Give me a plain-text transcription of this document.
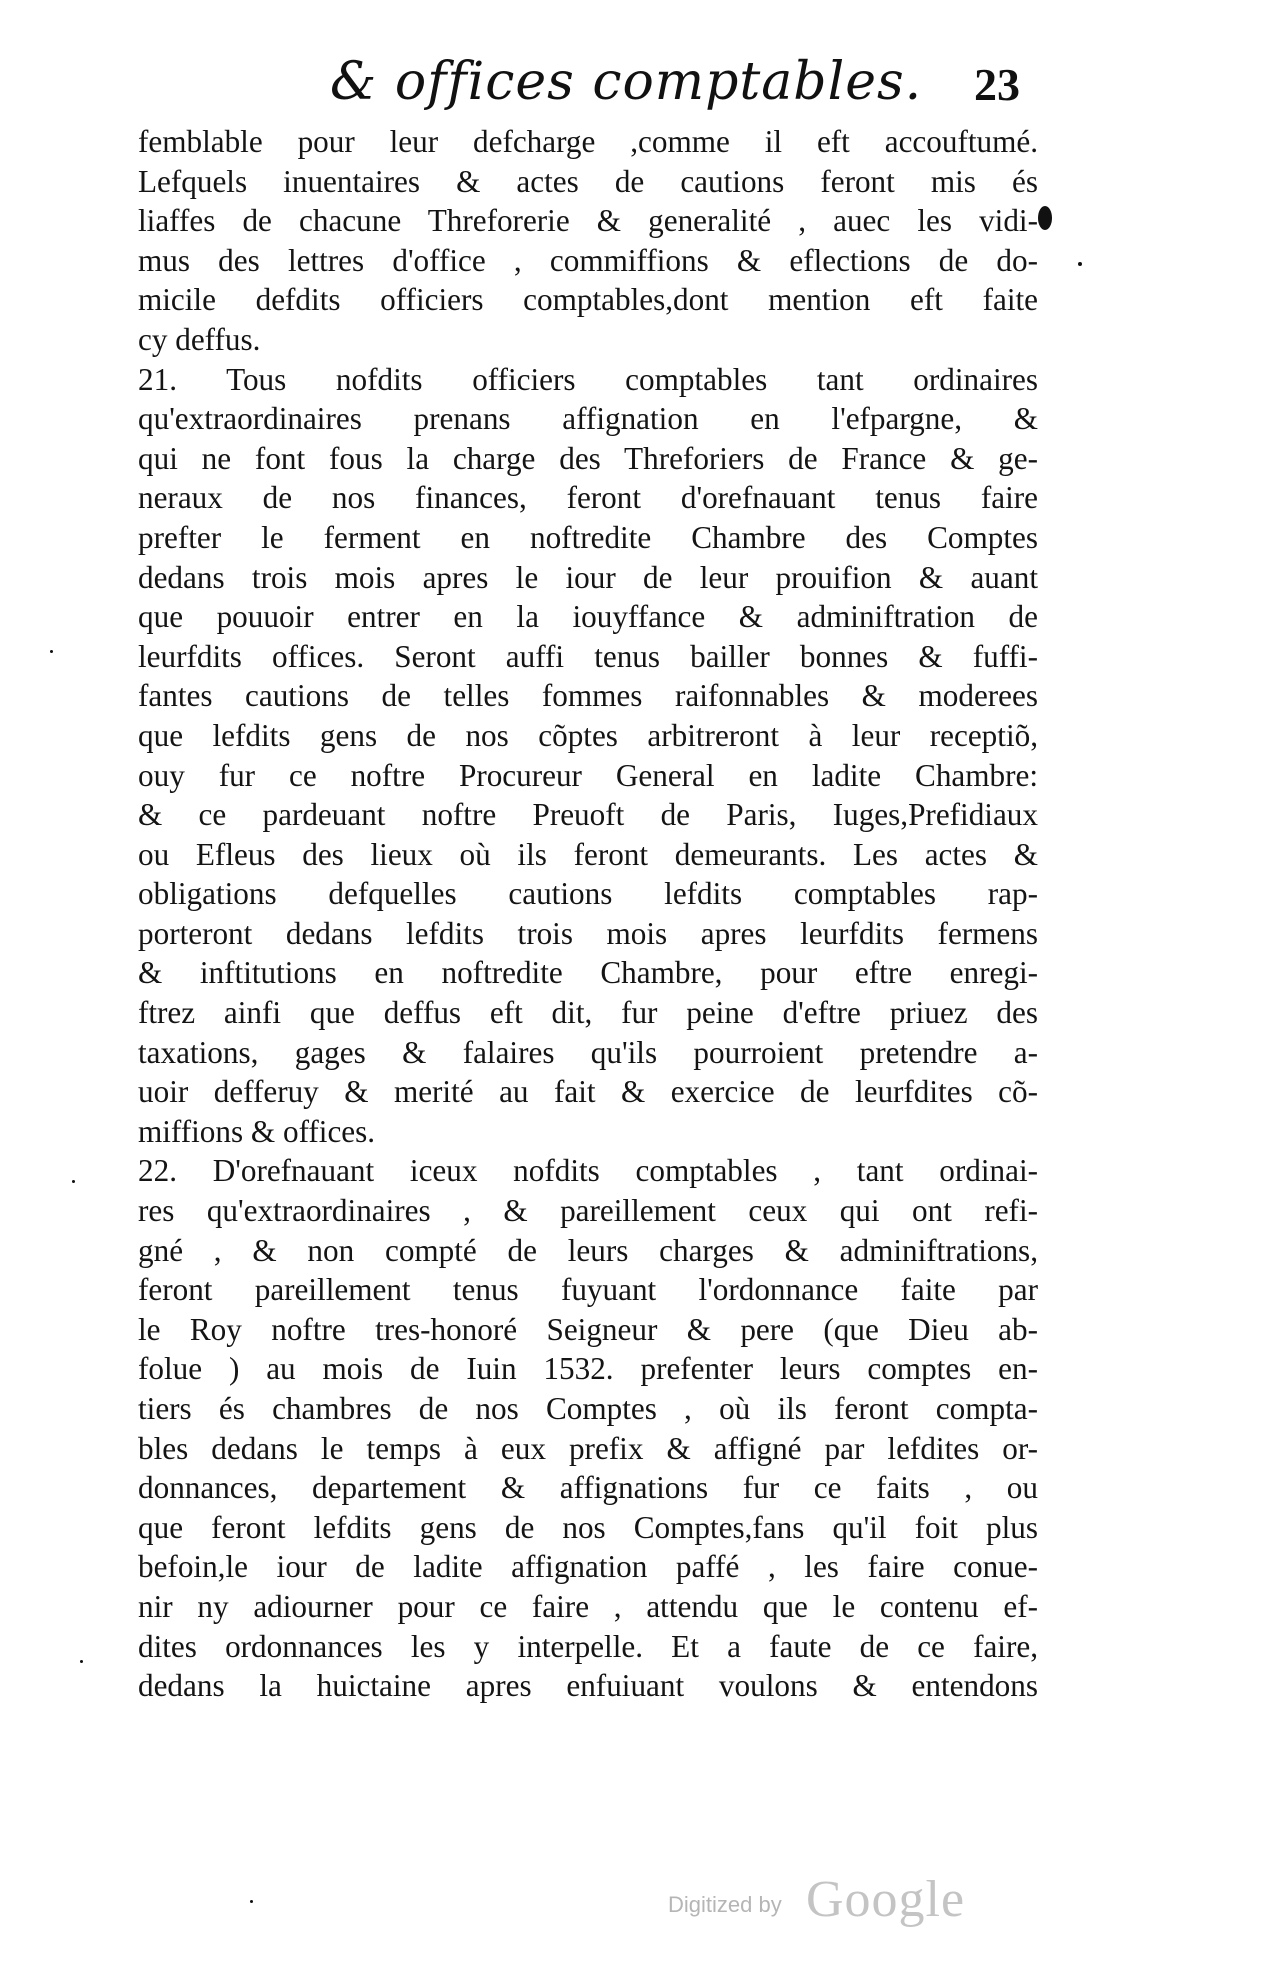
& offices comptables. 23
femblable pour leur defcharge ,comme il eft accouftumé.
Lefquels inuentaires & actes de cautions feront mis és
liaffes de chacune Threforerie & generalité , auec les vidi-
mus des lettres d'office , commiffions & eflections de do-
micile defdits officiers comptables,dont mention eft faite
cy deffus.
21. Tous nofdits officiers comptables tant ordinaires
qu'extraordinaires prenans affignation en l'efpargne, &
qui ne font fous la charge des Threforiers de France & ge-
neraux de nos finances, feront d'orefnauant tenus faire
prefter le ferment en noftredite Chambre des Comptes
dedans trois mois apres le iour de leur prouifion & auant
que pouuoir entrer en la iouyffance & adminiftration de
leurfdits offices. Seront auffi tenus bailler bonnes & fuffi-
fantes cautions de telles fommes raifonnables & moderees
que lefdits gens de nos cõptes arbitreront à leur receptiõ,
ouy fur ce noftre Procureur General en ladite Chambre:
& ce pardeuant noftre Preuoft de Paris, Iuges,Prefidiaux
ou Efleus des lieux où ils feront demeurants. Les actes &
obligations defquelles cautions lefdits comptables rap-
porteront dedans lefdits trois mois apres leurfdits fermens
& inftitutions en noftredite Chambre, pour eftre enregi-
ftrez ainfi que deffus eft dit, fur peine d'eftre priuez des
taxations, gages & falaires qu'ils pourroient pretendre a-
uoir defferuy & merité au fait & exercice de leurfdites cõ-
miffions & offices.
22. D'orefnauant iceux nofdits comptables , tant ordinai-
res qu'extraordinaires , & pareillement ceux qui ont refi-
gné , & non compté de leurs charges & adminiftrations,
feront pareillement tenus fuyuant l'ordonnance faite par
le Roy noftre tres-honoré Seigneur & pere (que Dieu ab-
folue ) au mois de Iuin 1532. prefenter leurs comptes en-
tiers és chambres de nos Comptes , où ils feront compta-
bles dedans le temps à eux prefix & affigné par lefdites or-
donnances, departement & affignations fur ce faits , ou
que feront lefdits gens de nos Comptes,fans qu'il foit plus
befoin,le iour de ladite affignation paffé , les faire conue-
nir ny adiourner pour ce faire , attendu que le contenu ef-
dites ordonnances les y interpelle. Et a faute de ce faire,
dedans la huictaine apres enfuiuant voulons & entendons
Digitized by Google
